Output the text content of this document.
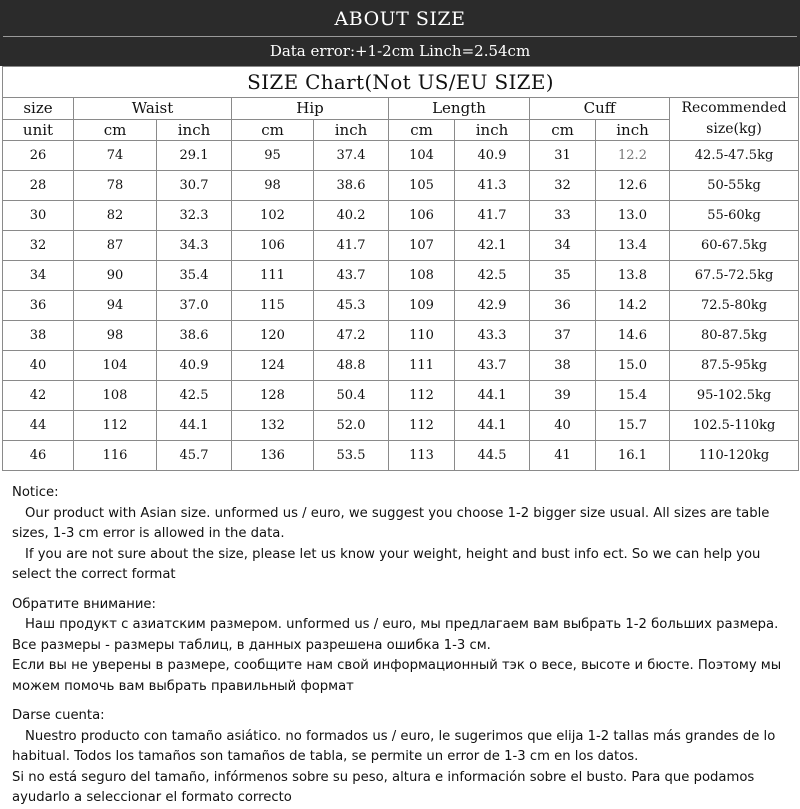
ABOUT SIZE
Data error:+1-2cm Linch=2.54cm
SIZE Chart(Not US/EU SIZE)									
size	Waist		Hip		Length		Cuff		Recommended size(kg)
unit	cm	inch	cm	inch	cm	inch	cm	inch	
26	74	29.1	95	37.4	104	40.9	31	12.2	42.5-47.5kg
28	78	30.7	98	38.6	105	41.3	32	12.6	50-55kg
30	82	32.3	102	40.2	106	41.7	33	13.0	55-60kg
32	87	34.3	106	41.7	107	42.1	34	13.4	60-67.5kg
34	90	35.4	111	43.7	108	42.5	35	13.8	67.5-72.5kg
36	94	37.0	115	45.3	109	42.9	36	14.2	72.5-80kg
38	98	38.6	120	47.2	110	43.3	37	14.6	80-87.5kg
40	104	40.9	124	48.8	111	43.7	38	15.0	87.5-95kg
42	108	42.5	128	50.4	112	44.1	39	15.4	95-102.5kg
44	112	44.1	132	52.0	112	44.1	40	15.7	102.5-110kg
46	116	45.7	136	53.5	113	44.5	41	16.1	110-120kg

Notice:

Our product with Asian size. unformed us / euro, we suggest you choose 1-2 bigger size usual. All sizes are table sizes, 1-3 cm error is allowed in the data.

If you are not sure about the size, please let us know your weight, height and bust info ect. So we can help you select the correct format

Обратите внимание:

Наш продукт с азиатским размером. unformed us / euro, мы предлагаем вам выбрать 1-2 больших размера.

Все размеры - размеры таблиц, в данных разрешена ошибка 1-3 см.

Если вы не уверены в размере, сообщите нам свой информационный тэк о весе, высоте и бюсте. Поэтому мы можем помочь вам выбрать правильный формат

Darse cuenta:

Nuestro producto con tamaño asiático. no formados us / euro, le sugerimos que elija 1-2 tallas más grandes de lo habitual. Todos los tamaños son tamaños de tabla, se permite un error de 1-3 cm en los datos.

Si no está seguro del tamaño, infórmenos sobre su peso, altura e información sobre el busto. Para que podamos ayudarlo a seleccionar el formato correcto
